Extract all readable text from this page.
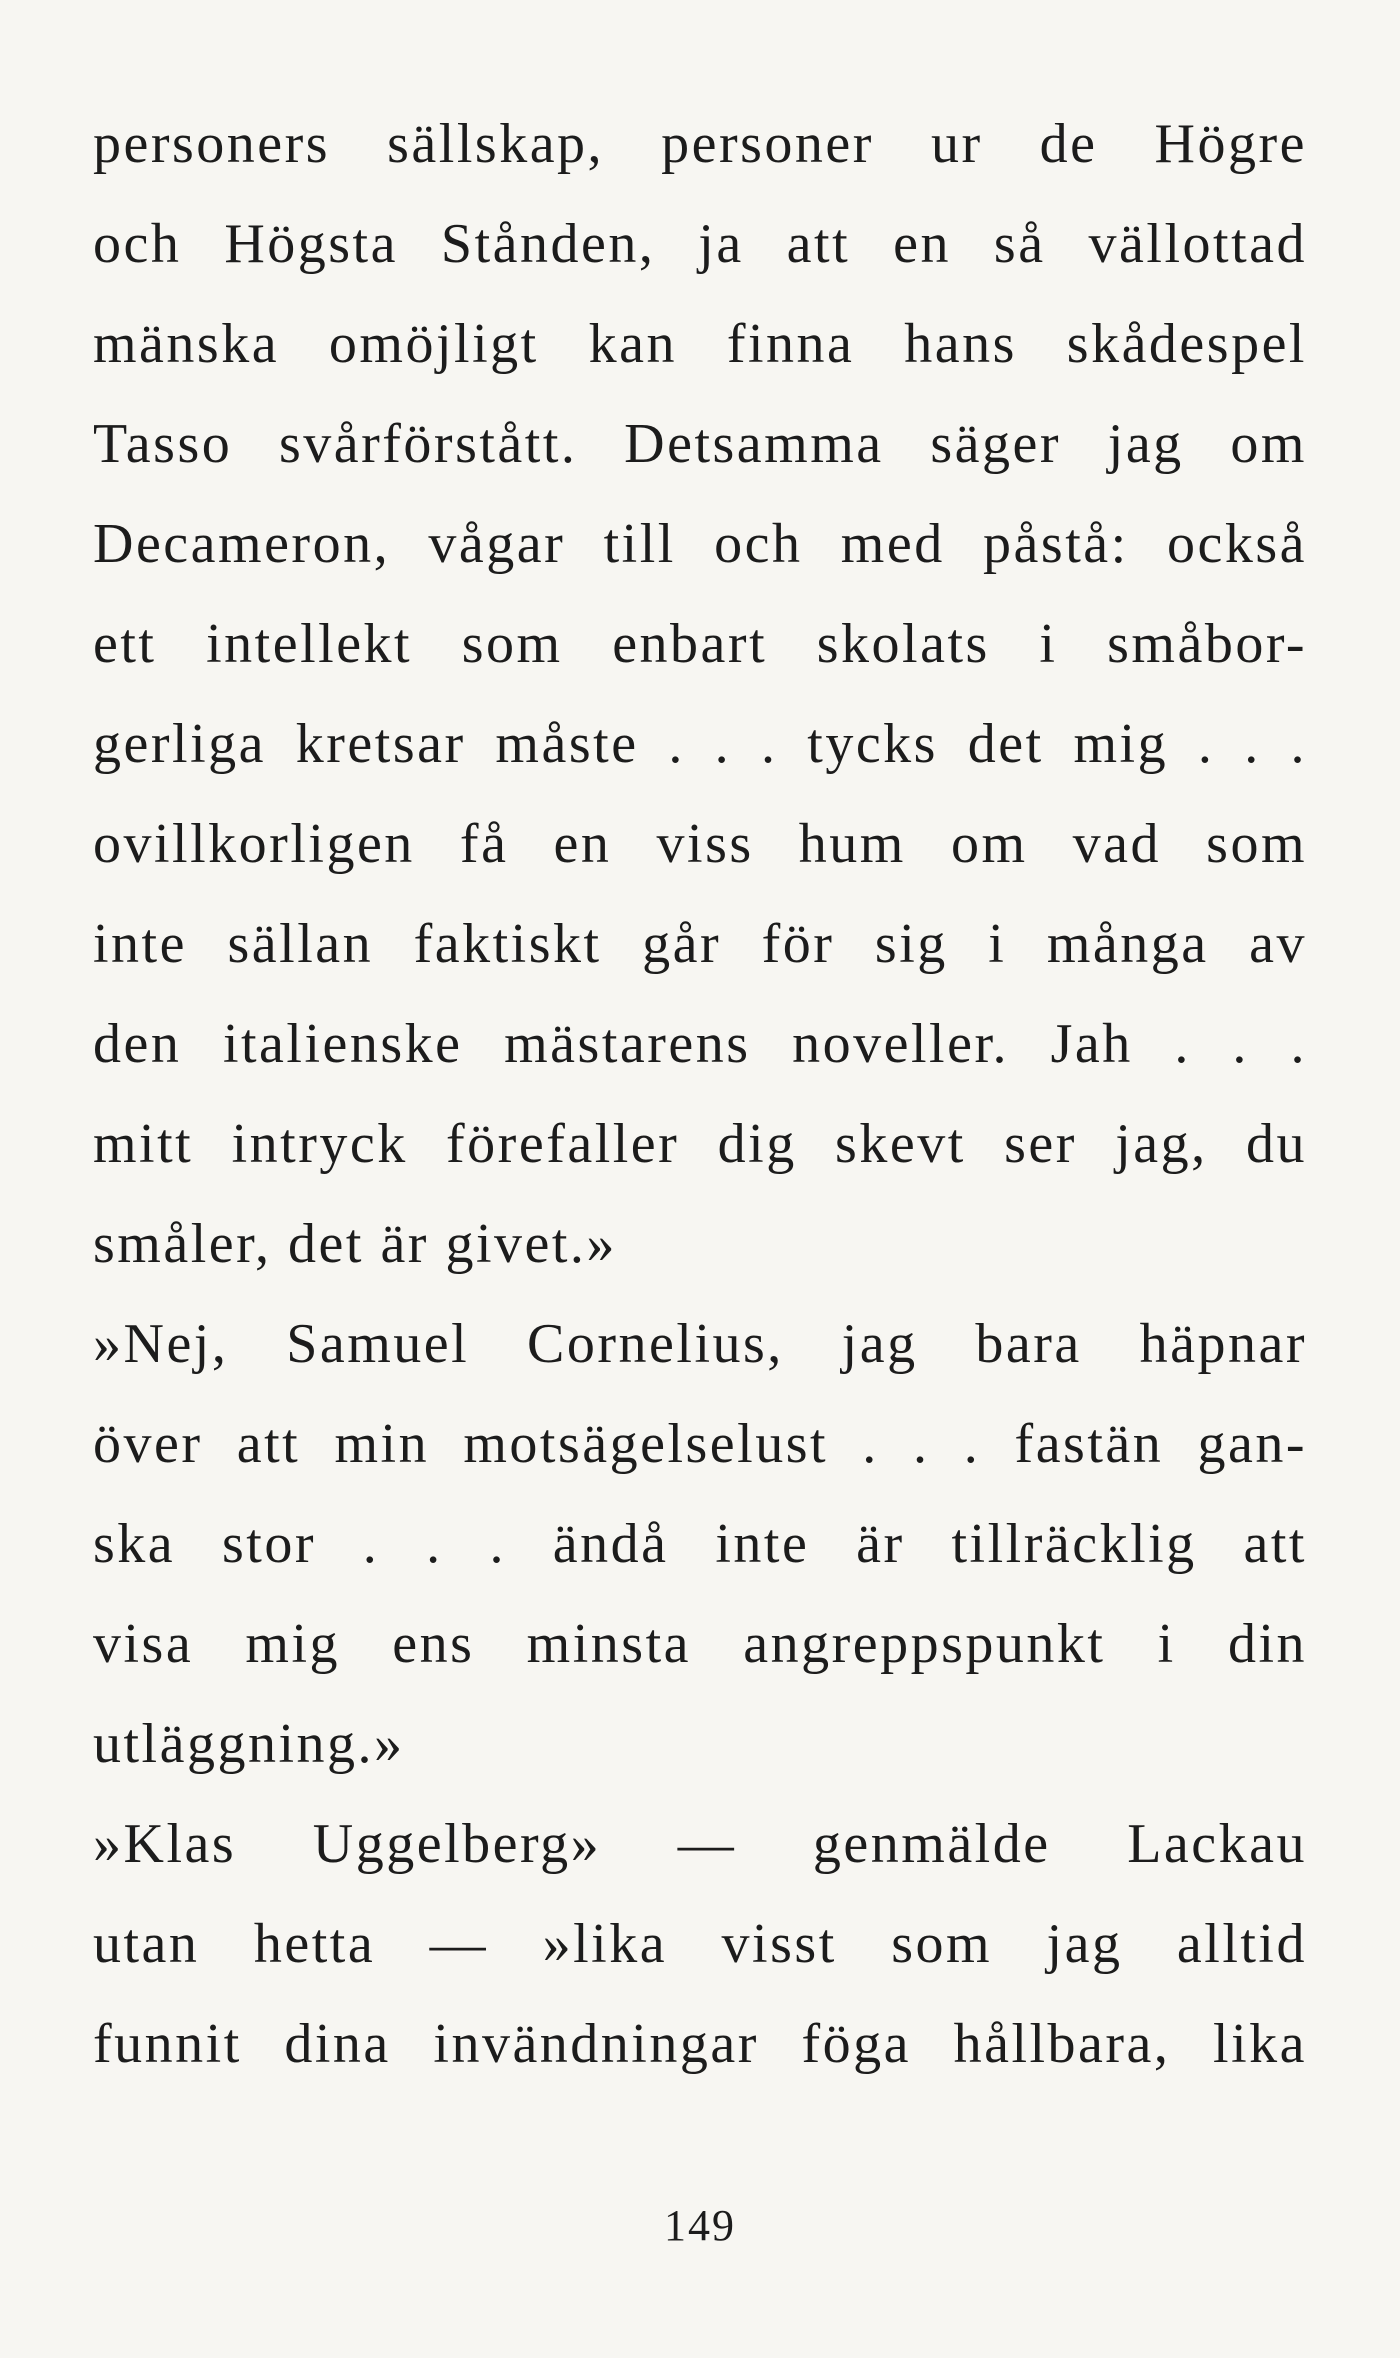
personers sällskap, personer ur de Högre
och Högsta Stånden, ja att en så vällottad
mänska omöjligt kan finna hans skådespel
Tasso svårförstått. Detsamma säger jag om
Decameron, vågar till och med påstå: också
ett intellekt som enbart skolats i småbor-
gerliga kretsar måste . . . tycks det mig . . .
ovillkorligen få en viss hum om vad som
inte sällan faktiskt går för sig i många av
den italienske mästarens noveller. Jah . . .
mitt intryck förefaller dig skevt ser jag, du
småler, det är givet.»
»Nej, Samuel Cornelius, jag bara häpnar
över att min motsägelselust . . . fastän gan-
ska stor . . . ändå inte är tillräcklig att
visa mig ens minsta angreppspunkt i din
utläggning.»
»Klas Uggelberg» — genmälde Lackau
utan hetta — »lika visst som jag alltid
funnit dina invändningar föga hållbara, lika
149
